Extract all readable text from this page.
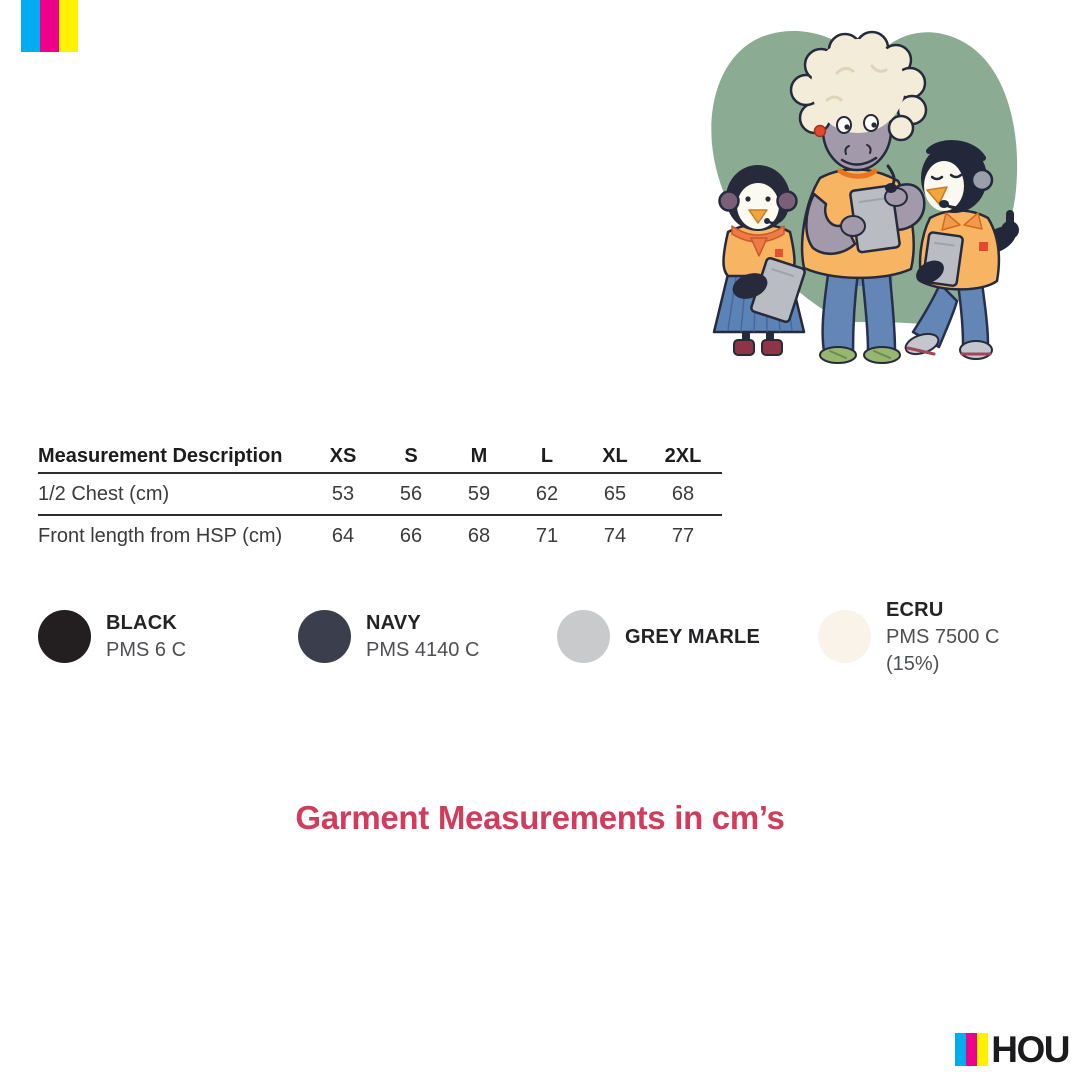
Measurement Description	XS	S	M	L	XL	2XL
1/2 Chest (cm)	53	56	59	62	65	68
Front length from HSP (cm)	64	66	68	71	74	77
BLACK
PMS 6 C
NAVY
PMS 4140 C
GREY MARLE
ECRU
PMS 7500 C (15%)
Garment Measurements in cm’s
HOU
